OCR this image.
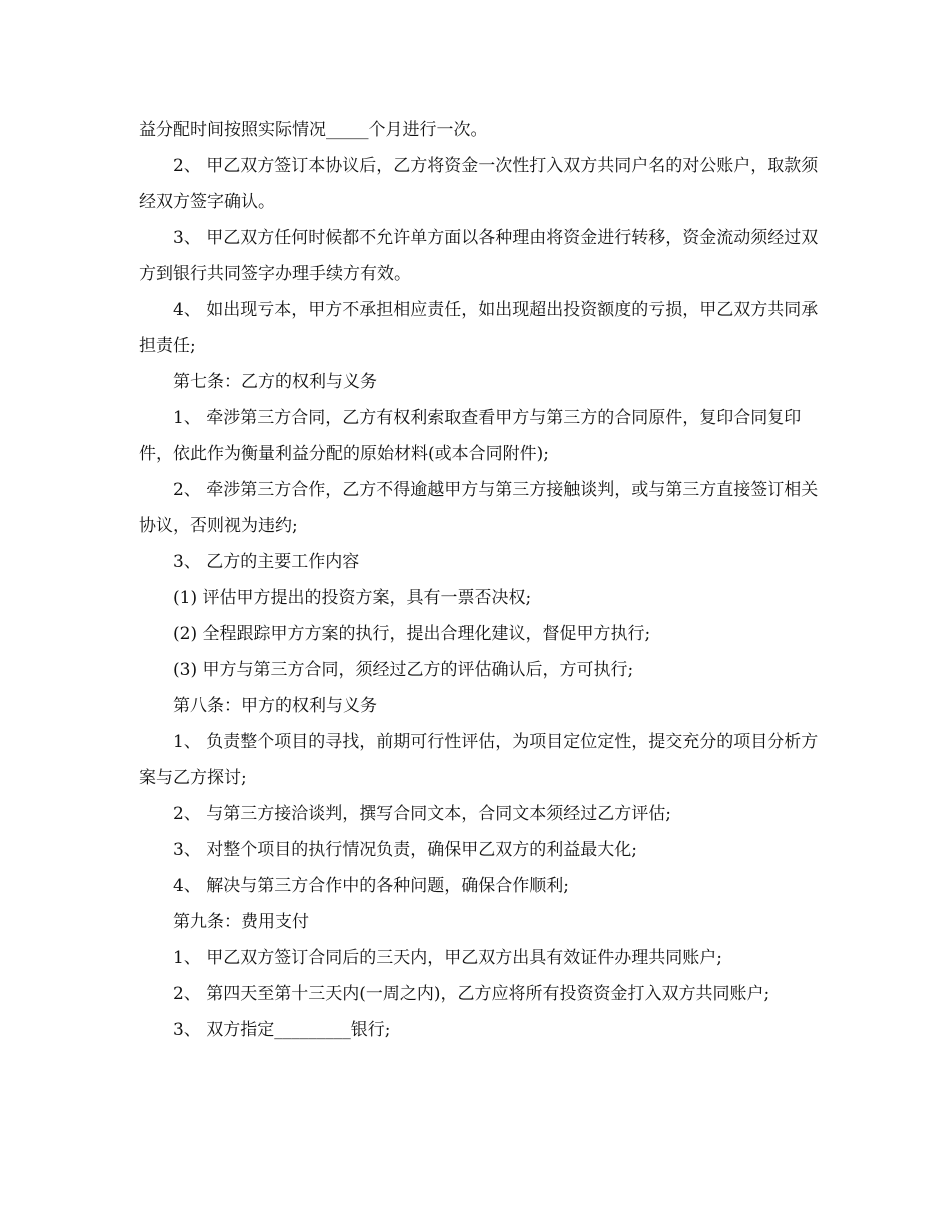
益分配时间按照实际情况_____个月进行一次。

2、 甲乙双方签订本协议后，乙方将资金一次性打入双方共同户名的对公账户，取款须经双方签字确认。

3、 甲乙双方任何时候都不允许单方面以各种理由将资金进行转移，资金流动须经过双方到银行共同签字办理手续方有效。

4、 如出现亏本，甲方不承担相应责任，如出现超出投资额度的亏损，甲乙双方共同承担责任;

第七条：乙方的权利与义务

1、 牵涉第三方合同，乙方有权利索取查看甲方与第三方的合同原件，复印合同复印件，依此作为衡量利益分配的原始材料(或本合同附件);

2、 牵涉第三方合作，乙方不得逾越甲方与第三方接触谈判，或与第三方直接签订相关协议，否则视为违约;

3、 乙方的主要工作内容

(1) 评估甲方提出的投资方案，具有一票否决权;

(2) 全程跟踪甲方方案的执行，提出合理化建议，督促甲方执行;

(3) 甲方与第三方合同，须经过乙方的评估确认后，方可执行;

第八条：甲方的权利与义务

1、 负责整个项目的寻找，前期可行性评估，为项目定位定性，提交充分的项目分析方案与乙方探讨;

2、 与第三方接洽谈判，撰写合同文本，合同文本须经过乙方评估;

3、 对整个项目的执行情况负责，确保甲乙双方的利益最大化;

4、 解决与第三方合作中的各种问题，确保合作顺利;

第九条：费用支付

1、 甲乙双方签订合同后的三天内，甲乙双方出具有效证件办理共同账户;

2、 第四天至第十三天内(一周之内)，乙方应将所有投资资金打入双方共同账户;

3、 双方指定_________银行;
